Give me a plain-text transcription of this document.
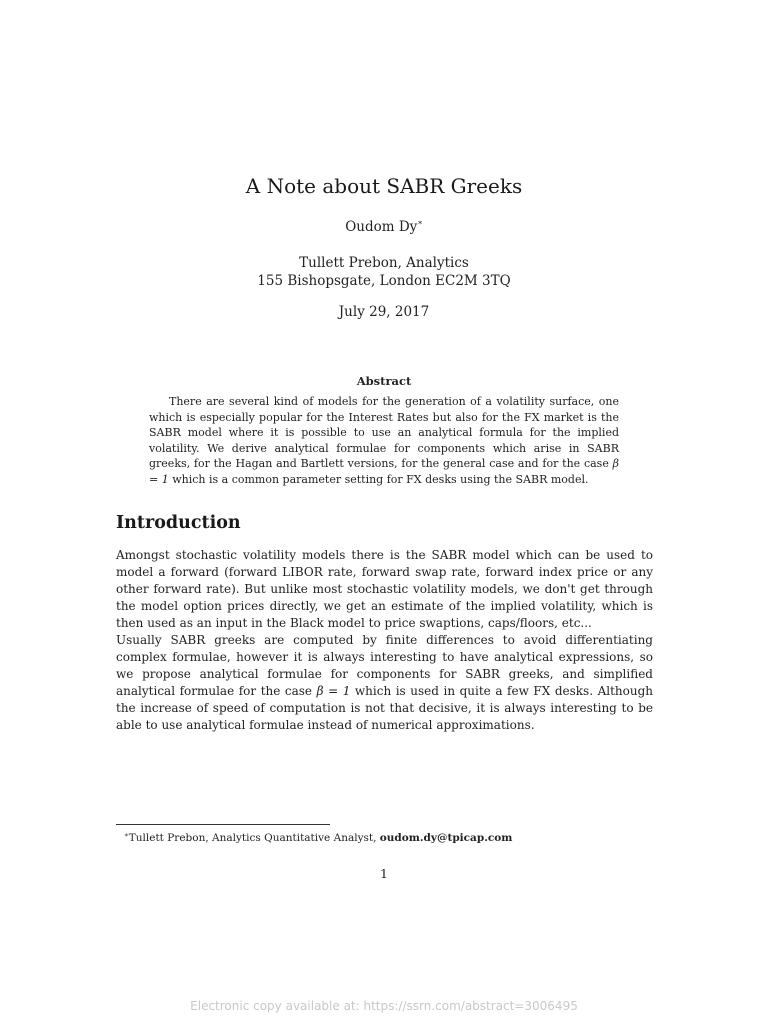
A Note about SABR Greeks
Oudom Dy∗
Tullett Prebon, Analytics
155 Bishopsgate, London EC2M 3TQ
July 29, 2017
Abstract
There are several kind of models for the generation of a volatility surface, one which is especially popular for the Interest Rates but also for the FX market is the SABR model where it is possible to use an analytical formula for the implied volatility. We derive analytical formulae for components which arise in SABR greeks, for the Hagan and Bartlett versions, for the general case and for the case β = 1 which is a common parameter setting for FX desks using the SABR model.
Introduction
Amongst stochastic volatility models there is the SABR model which can be used to model a forward (forward LIBOR rate, forward swap rate, forward index price or any other forward rate). But unlike most stochastic volatility models, we don't get through the model option prices directly, we get an estimate of the implied volatility, which is then used as an input in the Black model to price swaptions, caps/floors, etc...
Usually SABR greeks are computed by finite differences to avoid differentiating complex formulae, however it is always interesting to have analytical expressions, so we propose analytical formulae for components for SABR greeks, and simplified analytical formulae for the case β = 1 which is used in quite a few FX desks. Although the increase of speed of computation is not that decisive, it is always interesting to be able to use analytical formulae instead of numerical approximations.
∗Tullett Prebon, Analytics Quantitative Analyst, oudom.dy@tpicap.com
1
Electronic copy available at: https://ssrn.com/abstract=3006495
